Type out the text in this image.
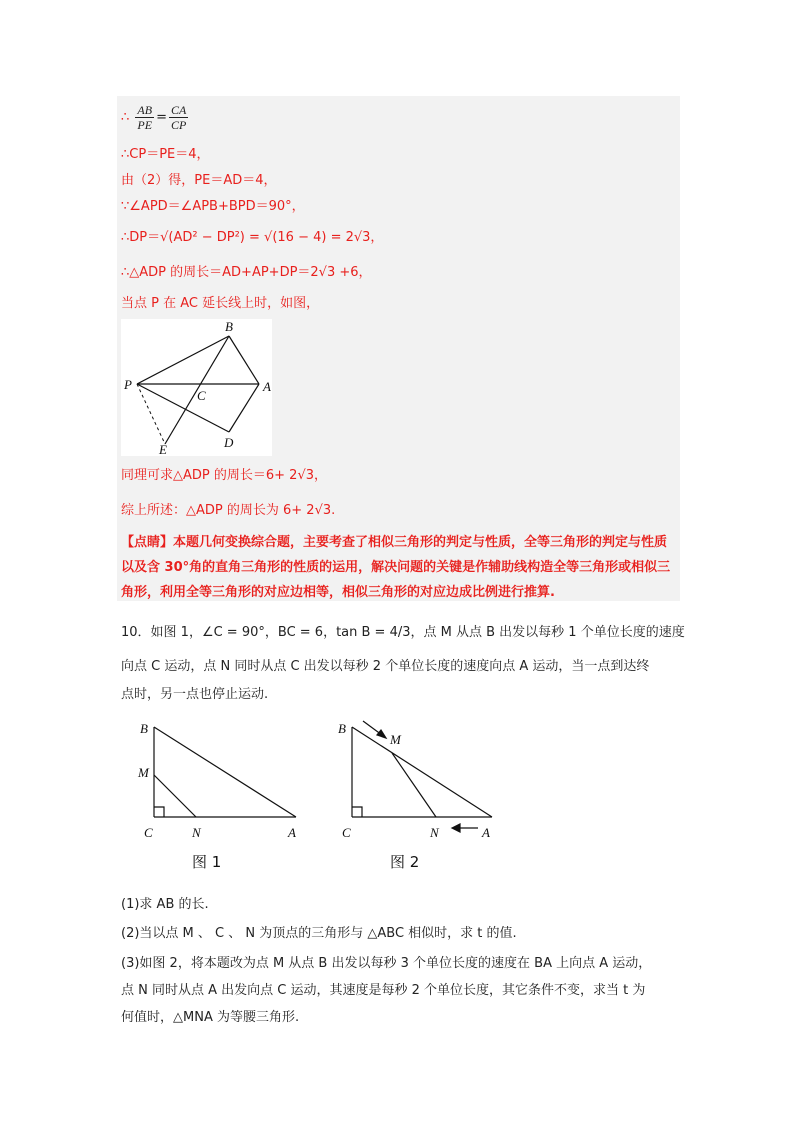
∴ $\frac{AB}{PE} = \frac{CA}{CP}$
∴CP＝PE＝4，
由（2）得，PE＝AD＝4，
∵∠APD＝∠APB+BPD＝90°，
∴DP＝√(AD² − DP²) = √(16 − 4) = 2√3，
∴△ADP 的周长＝AD+AP+DP＝2√3 +6，
当点 P 在 AC 延长线上时，如图，
B
P
C
A
E	D
同理可求△ADP 的周长＝6+ 2√3，
综上所述：△ADP 的周长为 6+ 2√3.
【点睛】本题几何变换综合题，主要考查了相似三角形的判定与性质，全等三角形的判定与性质以及含 30°角的直角三角形的性质的运用，解决问题的关键是作辅助线构造全等三角形或相似三角形，利用全等三角形的对应边相等，相似三角形的对应边成比例进行推算.
10．如图 1，∠C = 90°，BC = 6，tan B = 4/3，点 M 从点 B 出发以每秒 1 个单位长度的速度
向点 C 运动，点 N 同时从点 C 出发以每秒 2 个单位长度的速度向点 A 运动，当一点到达终
点时，另一点也停止运动.
B
M
C	N	A
图 1
B
M
C	N	A
图 2
(1)求 AB 的长.
(2)当以点 M 、 C 、 N 为顶点的三角形与 △ABC 相似时，求 t 的值.
(3)如图 2，将本题改为点 M 从点 B 出发以每秒 3 个单位长度的速度在 BA 上向点 A 运动，
点 N 同时从点 A 出发向点 C 运动，其速度是每秒 2 个单位长度，其它条件不变，求当 t 为
何值时，△MNA 为等腰三角形.
